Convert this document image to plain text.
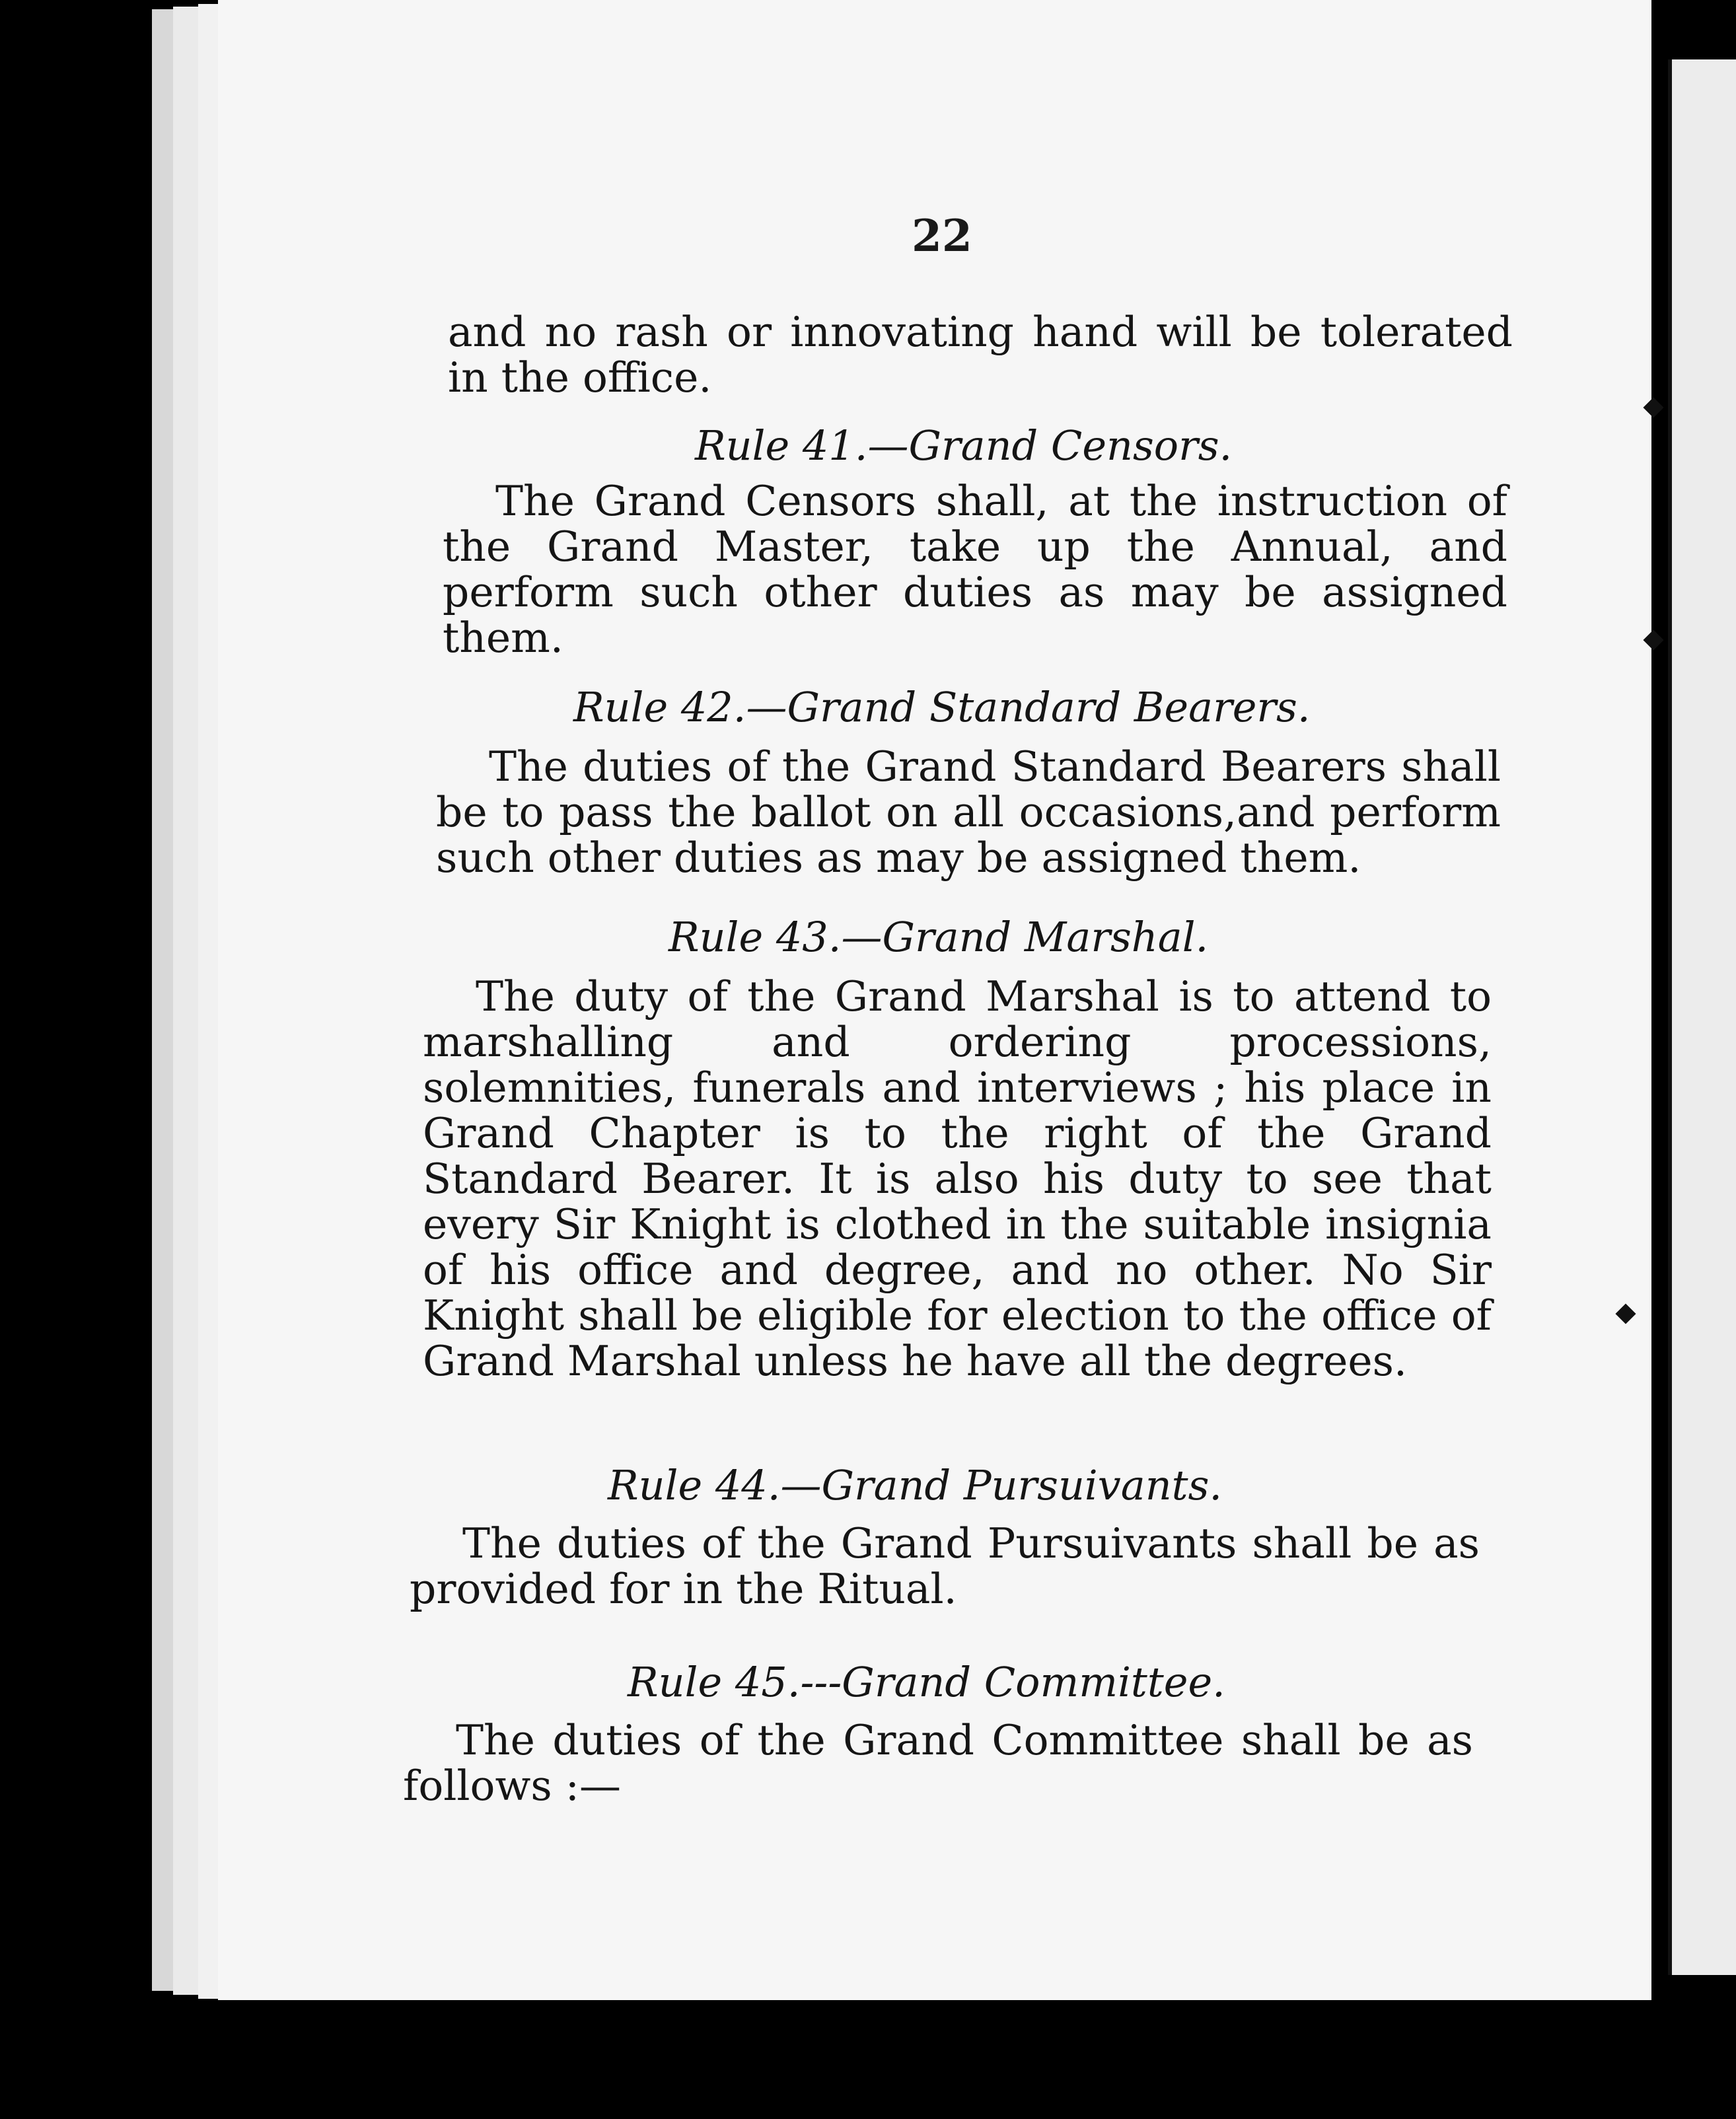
22

and no rash or innovating hand will be tolerated in the office.

Rule 41.—Grand Censors.

The Grand Censors shall, at the instruction of the Grand Master, take up the Annual, and perform such other duties as may be assigned them.

Rule 42.—Grand Standard Bearers.

The duties of the Grand Standard Bearers shall be to pass the ballot on all occasions,and perform such other duties as may be assigned them.

Rule 43.—Grand Marshal.

The duty of the Grand Marshal is to attend to marshalling and ordering processions, solemnities, funerals and interviews ; his place in Grand Chapter is to the right of the Grand Standard Bearer. It is also his duty to see that every Sir Knight is clothed in the suitable insignia of his office and degree, and no other. No Sir Knight shall be eligible for election to the office of Grand Marshal unless he have all the degrees.

Rule 44.—Grand Pursuivants.

The duties of the Grand Pursuivants shall be as provided for in the Ritual.

Rule 45.---Grand Committee.

The duties of the Grand Committee shall be as follows :—
